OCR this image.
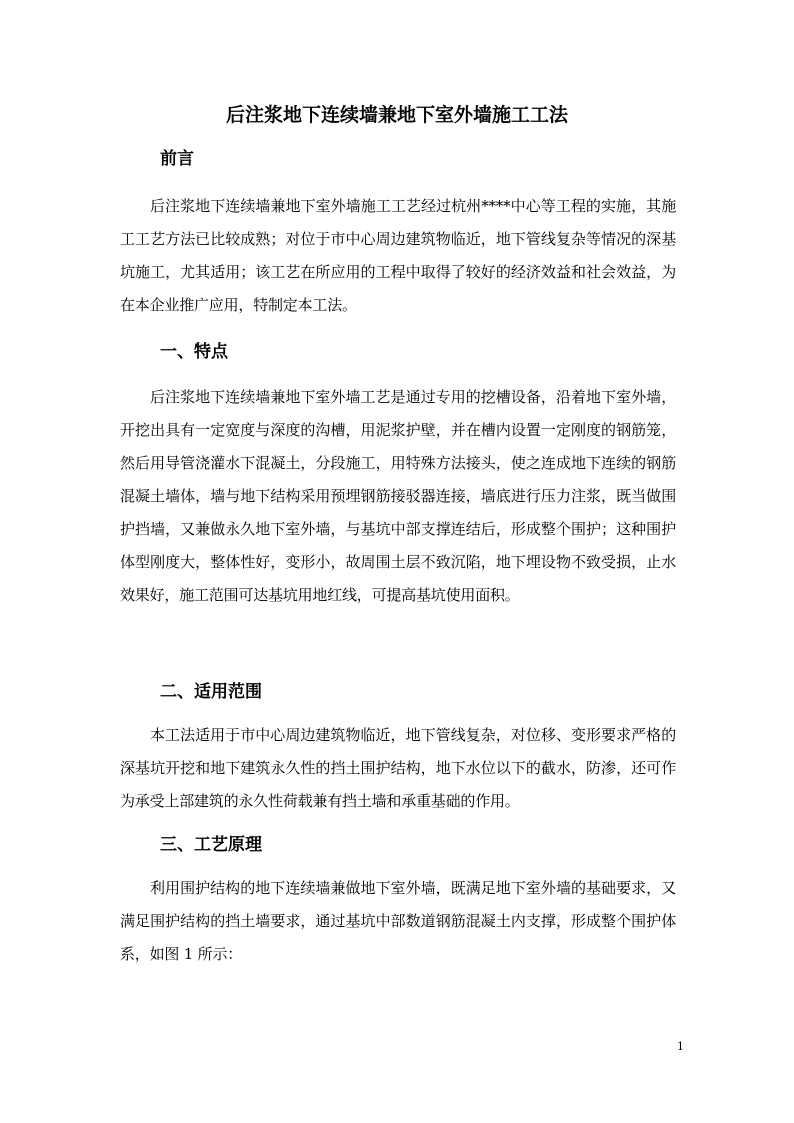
后注浆地下连续墙兼地下室外墙施工工法
前言

后注浆地下连续墙兼地下室外墙施工工艺经过杭州****中心等工程的实施，其施工工艺方法已比较成熟；对位于市中心周边建筑物临近，地下管线复杂等情况的深基坑施工，尤其适用；该工艺在所应用的工程中取得了较好的经济效益和社会效益，为在本企业推广应用，特制定本工法。

一、特点

后注浆地下连续墙兼地下室外墙工艺是通过专用的挖槽设备，沿着地下室外墙，开挖出具有一定宽度与深度的沟槽，用泥浆护壁，并在槽内设置一定刚度的钢筋笼，然后用导管浇灌水下混凝土，分段施工，用特殊方法接头，使之连成地下连续的钢筋混凝土墙体，墙与地下结构采用预埋钢筋接驳器连接，墙底进行压力注浆，既当做围护挡墙，又兼做永久地下室外墙，与基坑中部支撑连结后，形成整个围护；这种围护体型刚度大，整体性好，变形小，故周围土层不致沉陷，地下埋设物不致受损，止水效果好，施工范围可达基坑用地红线，可提高基坑使用面积。

二、适用范围

本工法适用于市中心周边建筑物临近，地下管线复杂，对位移、变形要求严格的深基坑开挖和地下建筑永久性的挡土围护结构，地下水位以下的截水，防渗，还可作为承受上部建筑的永久性荷载兼有挡土墙和承重基础的作用。

三、工艺原理

利用围护结构的地下连续墙兼做地下室外墙，既满足地下室外墙的基础要求，又满足围护结构的挡土墙要求，通过基坑中部数道钢筋混凝土内支撑，形成整个围护体系，如图 1 所示：

1
